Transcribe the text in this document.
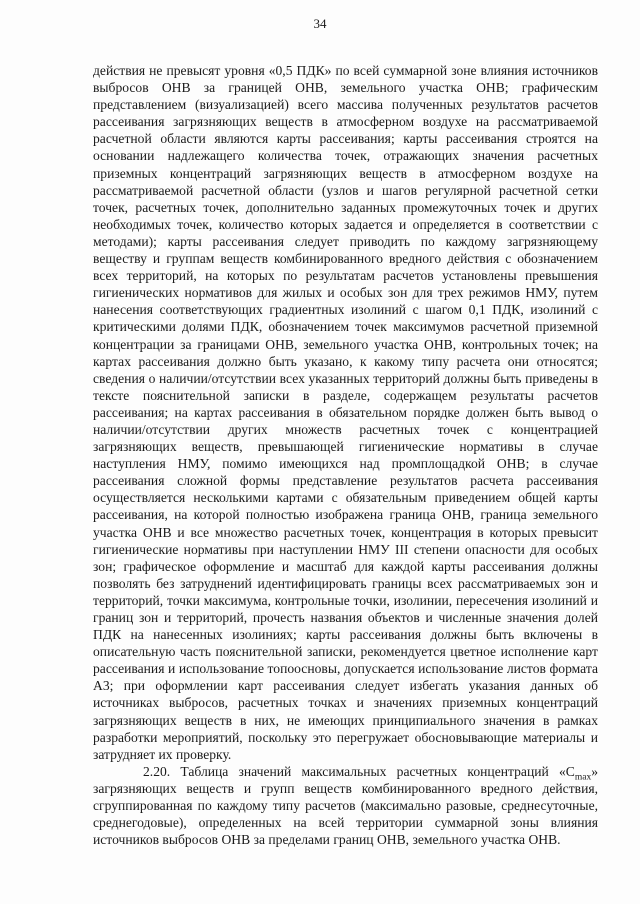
34

действия не превысят уровня «0,5 ПДК» по всей суммарной зоне влияния источников выбросов ОНВ за границей ОНВ, земельного участка ОНВ; графическим представлением (визуализацией) всего массива полученных результатов расчетов рассеивания загрязняющих веществ в атмосферном воздухе на рассматриваемой расчетной области являются карты рассеивания; карты рассеивания строятся на основании надлежащего количества точек, отражающих значения расчетных приземных концентраций загрязняющих веществ в атмосферном воздухе на рассматриваемой расчетной области (узлов и шагов регулярной расчетной сетки точек, расчетных точек, дополнительно заданных промежуточных точек и других необходимых точек, количество которых задается и определяется в соответствии с методами); карты рассеивания следует приводить по каждому загрязняющему веществу и группам веществ комбинированного вредного действия с обозначением всех территорий, на которых по результатам расчетов установлены превышения гигиенических нормативов для жилых и особых зон для трех режимов НМУ, путем нанесения соответствующих градиентных изолиний с шагом 0,1 ПДК, изолиний с критическими долями ПДК, обозначением точек максимумов расчетной приземной концентрации за границами ОНВ, земельного участка ОНВ, контрольных точек; на картах рассеивания должно быть указано, к какому типу расчета они относятся; сведения о наличии/отсутствии всех указанных территорий должны быть приведены в тексте пояснительной записки в разделе, содержащем результаты расчетов рассеивания; на картах рассеивания в обязательном порядке должен быть вывод о наличии/отсутствии других множеств расчетных точек с концентрацией загрязняющих веществ, превышающей гигиенические нормативы в случае наступления НМУ, помимо имеющихся над промплощадкой ОНВ; в случае рассеивания сложной формы представление результатов расчета рассеивания осуществляется несколькими картами с обязательным приведением общей карты рассеивания, на которой полностью изображена граница ОНВ, граница земельного участка ОНВ и все множество расчетных точек, концентрация в которых превысит гигиенические нормативы при наступлении НМУ III степени опасности для особых зон; графическое оформление и масштаб для каждой карты рассеивания должны позволять без затруднений идентифицировать границы всех рассматриваемых зон и территорий, точки максимума, контрольные точки, изолинии, пересечения изолиний и границ зон и территорий, прочесть названия объектов и численные значения долей ПДК на нанесенных изолиниях; карты рассеивания должны быть включены в описательную часть пояснительной записки, рекомендуется цветное исполнение карт рассеивания и использование топоосновы, допускается использование листов формата А3; при оформлении карт рассеивания следует избегать указания данных об источниках выбросов, расчетных точках и значениях приземных концентраций загрязняющих веществ в них, не имеющих принципиального значения в рамках разработки мероприятий, поскольку это перегружает обосновывающие материалы и затрудняет их проверку.

2.20. Таблица значений максимальных расчетных концентраций «$C_{max}$» загрязняющих веществ и групп веществ комбинированного вредного действия, сгруппированная по каждому типу расчетов (максимально разовые, среднесуточные, среднегодовые), определенных на всей территории суммарной зоны влияния источников выбросов ОНВ за пределами границ ОНВ, земельного участка ОНВ.
